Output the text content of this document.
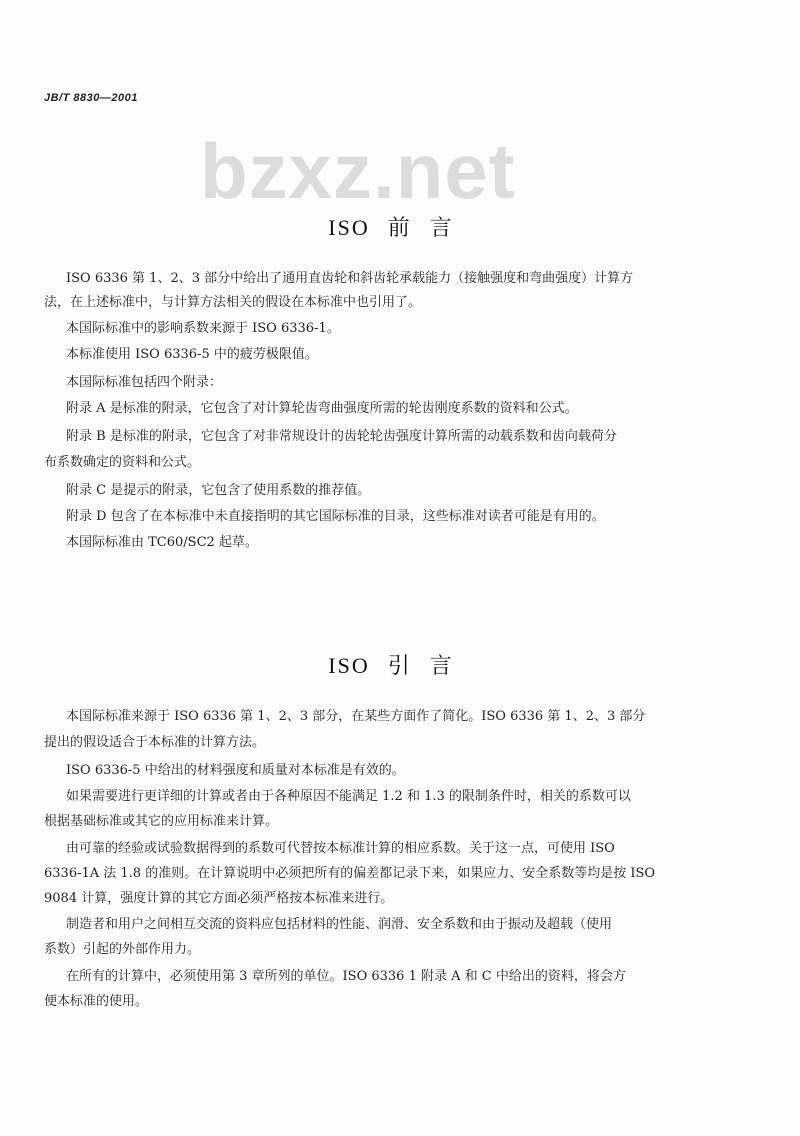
JB/T 8830—2001
bzxz.net
ISO 前言
ISO 6336 第 1、2、3 部分中给出了通用直齿轮和斜齿轮承载能力（接触强度和弯曲强度）计算方
法，在上述标准中，与计算方法相关的假设在本标准中也引用了。
本国际标准中的影响系数来源于 ISO 6336-1。
本标准使用 ISO 6336-5 中的疲劳极限值。
本国际标准包括四个附录：
附录 A 是标准的附录，它包含了对计算轮齿弯曲强度所需的轮齿刚度系数的资料和公式。
附录 B 是标准的附录，它包含了对非常规设计的齿轮轮齿强度计算所需的动载系数和齿向载荷分
布系数确定的资料和公式。
附录 C 是提示的附录，它包含了使用系数的推荐值。
附录 D 包含了在本标准中未直接指明的其它国际标准的目录，这些标准对读者可能是有用的。
本国际标准由 TC60/SC2 起草。
ISO 引言
本国际标准来源于 ISO 6336 第 1、2、3 部分，在某些方面作了简化。ISO 6336 第 1、2、3 部分
提出的假设适合于本标准的计算方法。
ISO 6336-5 中给出的材料强度和质量对本标准是有效的。
如果需要进行更详细的计算或者由于各种原因不能满足 1.2 和 1.3 的限制条件时，相关的系数可以
根据基础标准或其它的应用标准来计算。
由可靠的经验或试验数据得到的系数可代替按本标准计算的相应系数。关于这一点，可使用 ISO
6336-1A 法 1.8 的准则。在计算说明中必须把所有的偏差都记录下来，如果应力、安全系数等均是按 ISO
9084 计算，强度计算的其它方面必须严格按本标准来进行。
制造者和用户之间相互交流的资料应包括材料的性能、润滑、安全系数和由于振动及超载（使用
系数）引起的外部作用力。
在所有的计算中，必须使用第 3 章所列的单位。ISO 6336 1 附录 A 和 C 中给出的资料，将会方
便本标准的使用。
